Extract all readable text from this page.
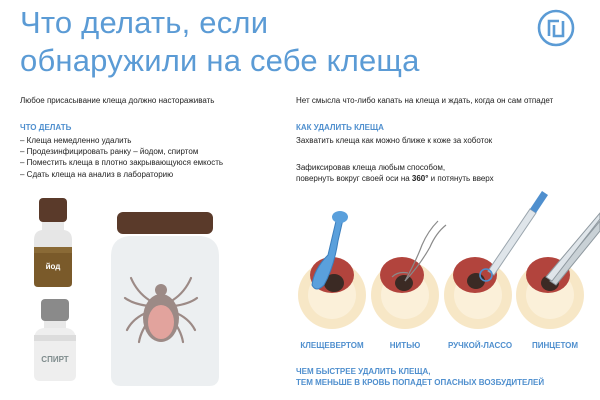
Что делать, если
обнаружили на себе клеща
Любое присасывание клеща должно настораживать
ЧТО ДЕЛАТЬ
– Клеща немедленно удалить
– Продезинфицировать ранку – йодом, спиртом
– Поместить клеща в плотно закрывающуюся емкость
– Сдать клеща на анализ в лабораторию
Нет смысла что-либо капать на клеща и ждать, когда он сам отпадет
КАК УДАЛИТЬ КЛЕЩА
Захватить клеща как можно ближе к коже за хоботок
Зафиксировав клеща любым способом,
повернуть вокруг своей оси на 360° и потянуть вверх
йод
СПИРТ
КЛЕЩЕВЕРТОМ	НИТЬЮ	РУЧКОЙ-ЛАССО	ПИНЦЕТОМ
ЧЕМ БЫСТРЕЕ УДАЛИТЬ КЛЕЩА,
ТЕМ МЕНЬШЕ В КРОВЬ ПОПАДЕТ ОПАСНЫХ ВОЗБУДИТЕЛЕЙ
